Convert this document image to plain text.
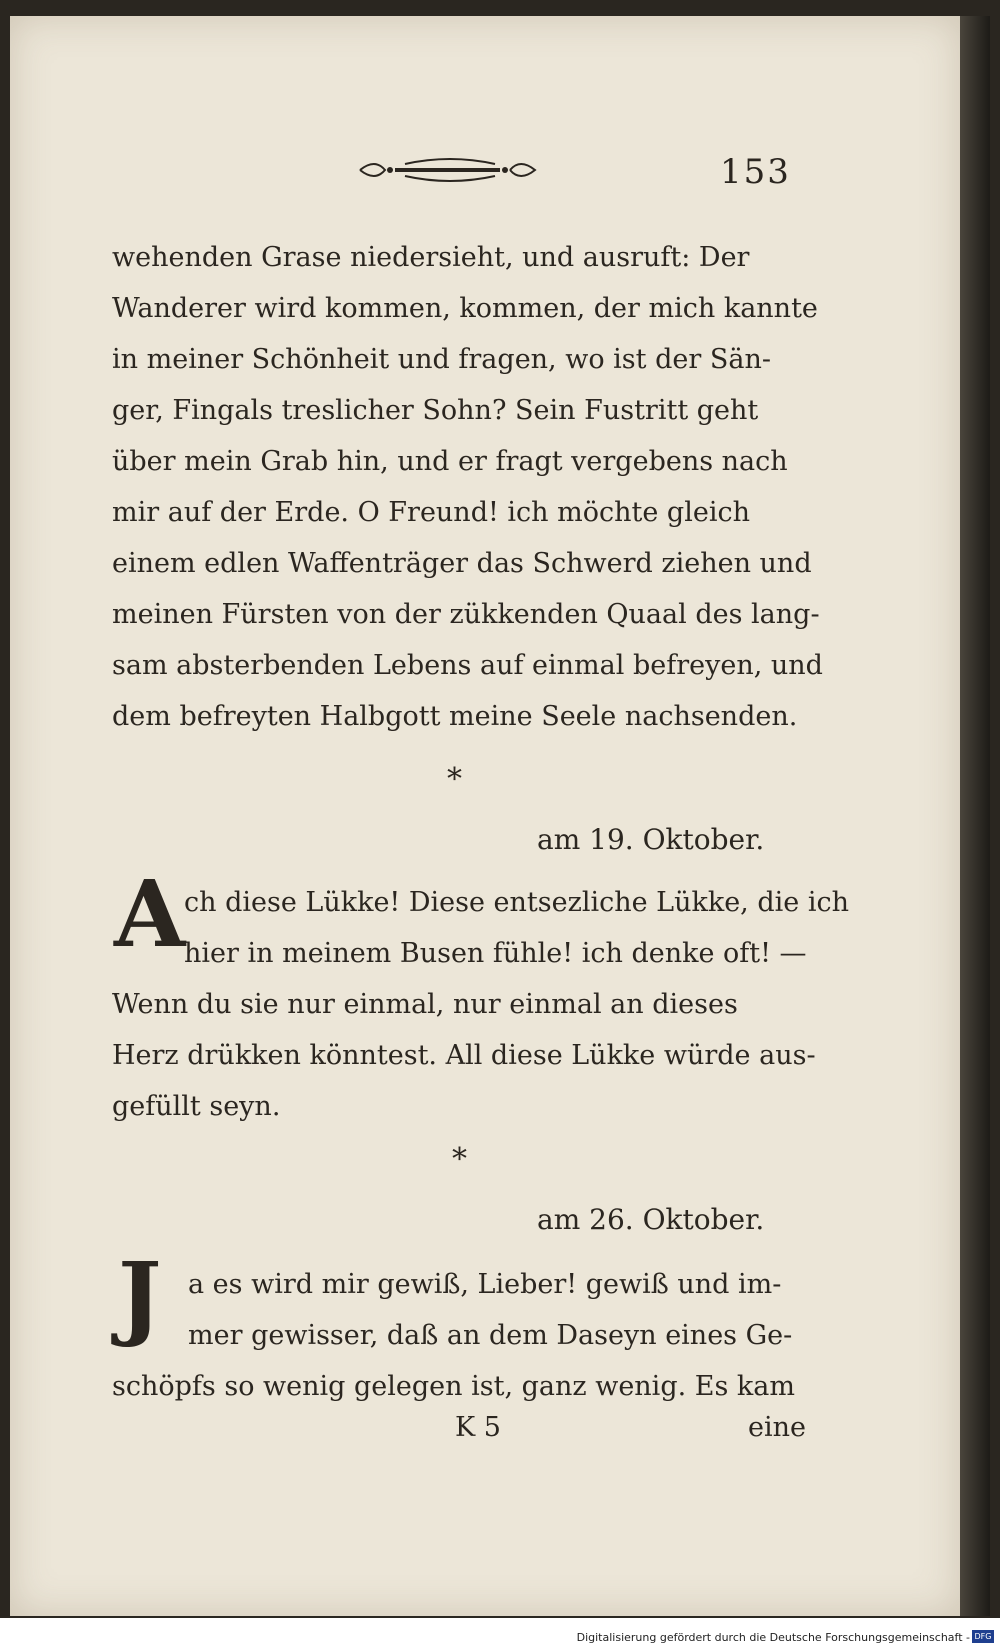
153
wehenden Grase niedersieht, und ausruft: Der
Wanderer wird kommen, kommen, der mich kannte
in meiner Schönheit und fragen, wo ist der Sän-
ger, Fingals treslicher Sohn? Sein Fustritt geht
über mein Grab hin, und er fragt vergebens nach
mir auf der Erde. O Freund! ich möchte gleich
einem edlen Waffenträger das Schwerd ziehen und
meinen Fürsten von der zükkenden Quaal des lang-
sam absterbenden Lebens auf einmal befreyen, und
dem befreyten Halbgott meine Seele nachsenden.
*
am 19. Oktober.
A
ch diese Lükke! Diese entsezliche Lükke, die ich
hier in meinem Busen fühle! ich denke oft! —
Wenn du sie nur einmal, nur einmal an dieses
Herz drükken könntest. All diese Lükke würde aus-
gefüllt seyn.
*
am 26. Oktober.
J a es wird mir gewiß, Lieber! gewiß und im-
mer gewisser, daß an dem Daseyn eines Ge-
schöpfs so wenig gelegen ist, ganz wenig. Es kam
K 5	eine
Digitalisierung gefördert durch die Deutsche Forschungsgemeinschaft - DFG
